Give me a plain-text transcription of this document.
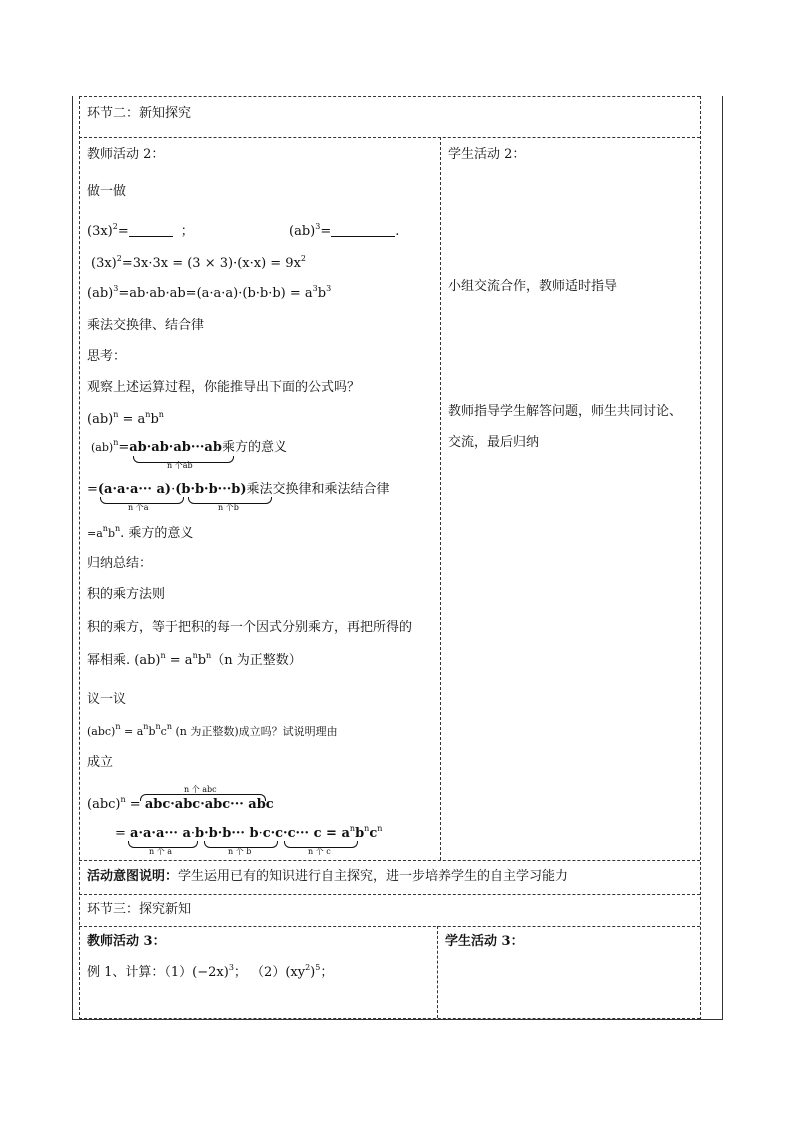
环节二：新知探究
教师活动 2：
做一做
$(3x)^2=$	；	(ab)$^3$=	.
$(3x)^2=3x\cdot 3x = (3 \times 3)\cdot(x\cdot x) = 9x^2$
$(ab)^3=ab\cdot ab\cdot ab=(a\cdot a\cdot a)\cdot(b\cdot b\cdot b) = a^3b^3$
乘法交换律、结合律
思考：
观察上述运算过程，你能推导出下面的公式吗？
$(ab)^n = a^nb^n$
(ab)$^n$=ab·ab·ab···ab乘方的意义
n 个ab
=(a·a·a··· a)·(b·b·b···b)乘法交换律和乘法结合律
n 个a	n 个b
$=a^nb^n$. 乘方的意义
归纳总结：
积的乘方法则
积的乘方，等于把积的每一个因式分别乘方，再把所得的
幂相乘. $(ab)^n = a^nb^n(n$ 为正整数）
议一议
$(abc)^n = a^nb^nc^n$ (n 为正整数)成立吗？试说明理由
成立
n 个 abc
(abc)$^n$ = abc·abc·abc··· abc
= $a\cdot a\cdot a\cdot\cdot\cdot a\cdot b\cdot b\cdot b\cdot\cdot\cdot b\cdot c\cdot c\cdot c\cdot\cdot\cdot c = a^nb^nc^n$
n 个 a	n 个 b	n 个 c
学生活动 2：
小组交流合作，教师适时指导
教师指导学生解答问题，师生共同讨论、
交流，最后归纳
活动意图说明：学生运用已有的知识进行自主探究，进一步培养学生的自主学习能力
环节三：探究新知
教师活动 3：	学生活动 3：
例 1、计算：$(1)(-2x)^3$； $(2)(xy^2)^5$；
